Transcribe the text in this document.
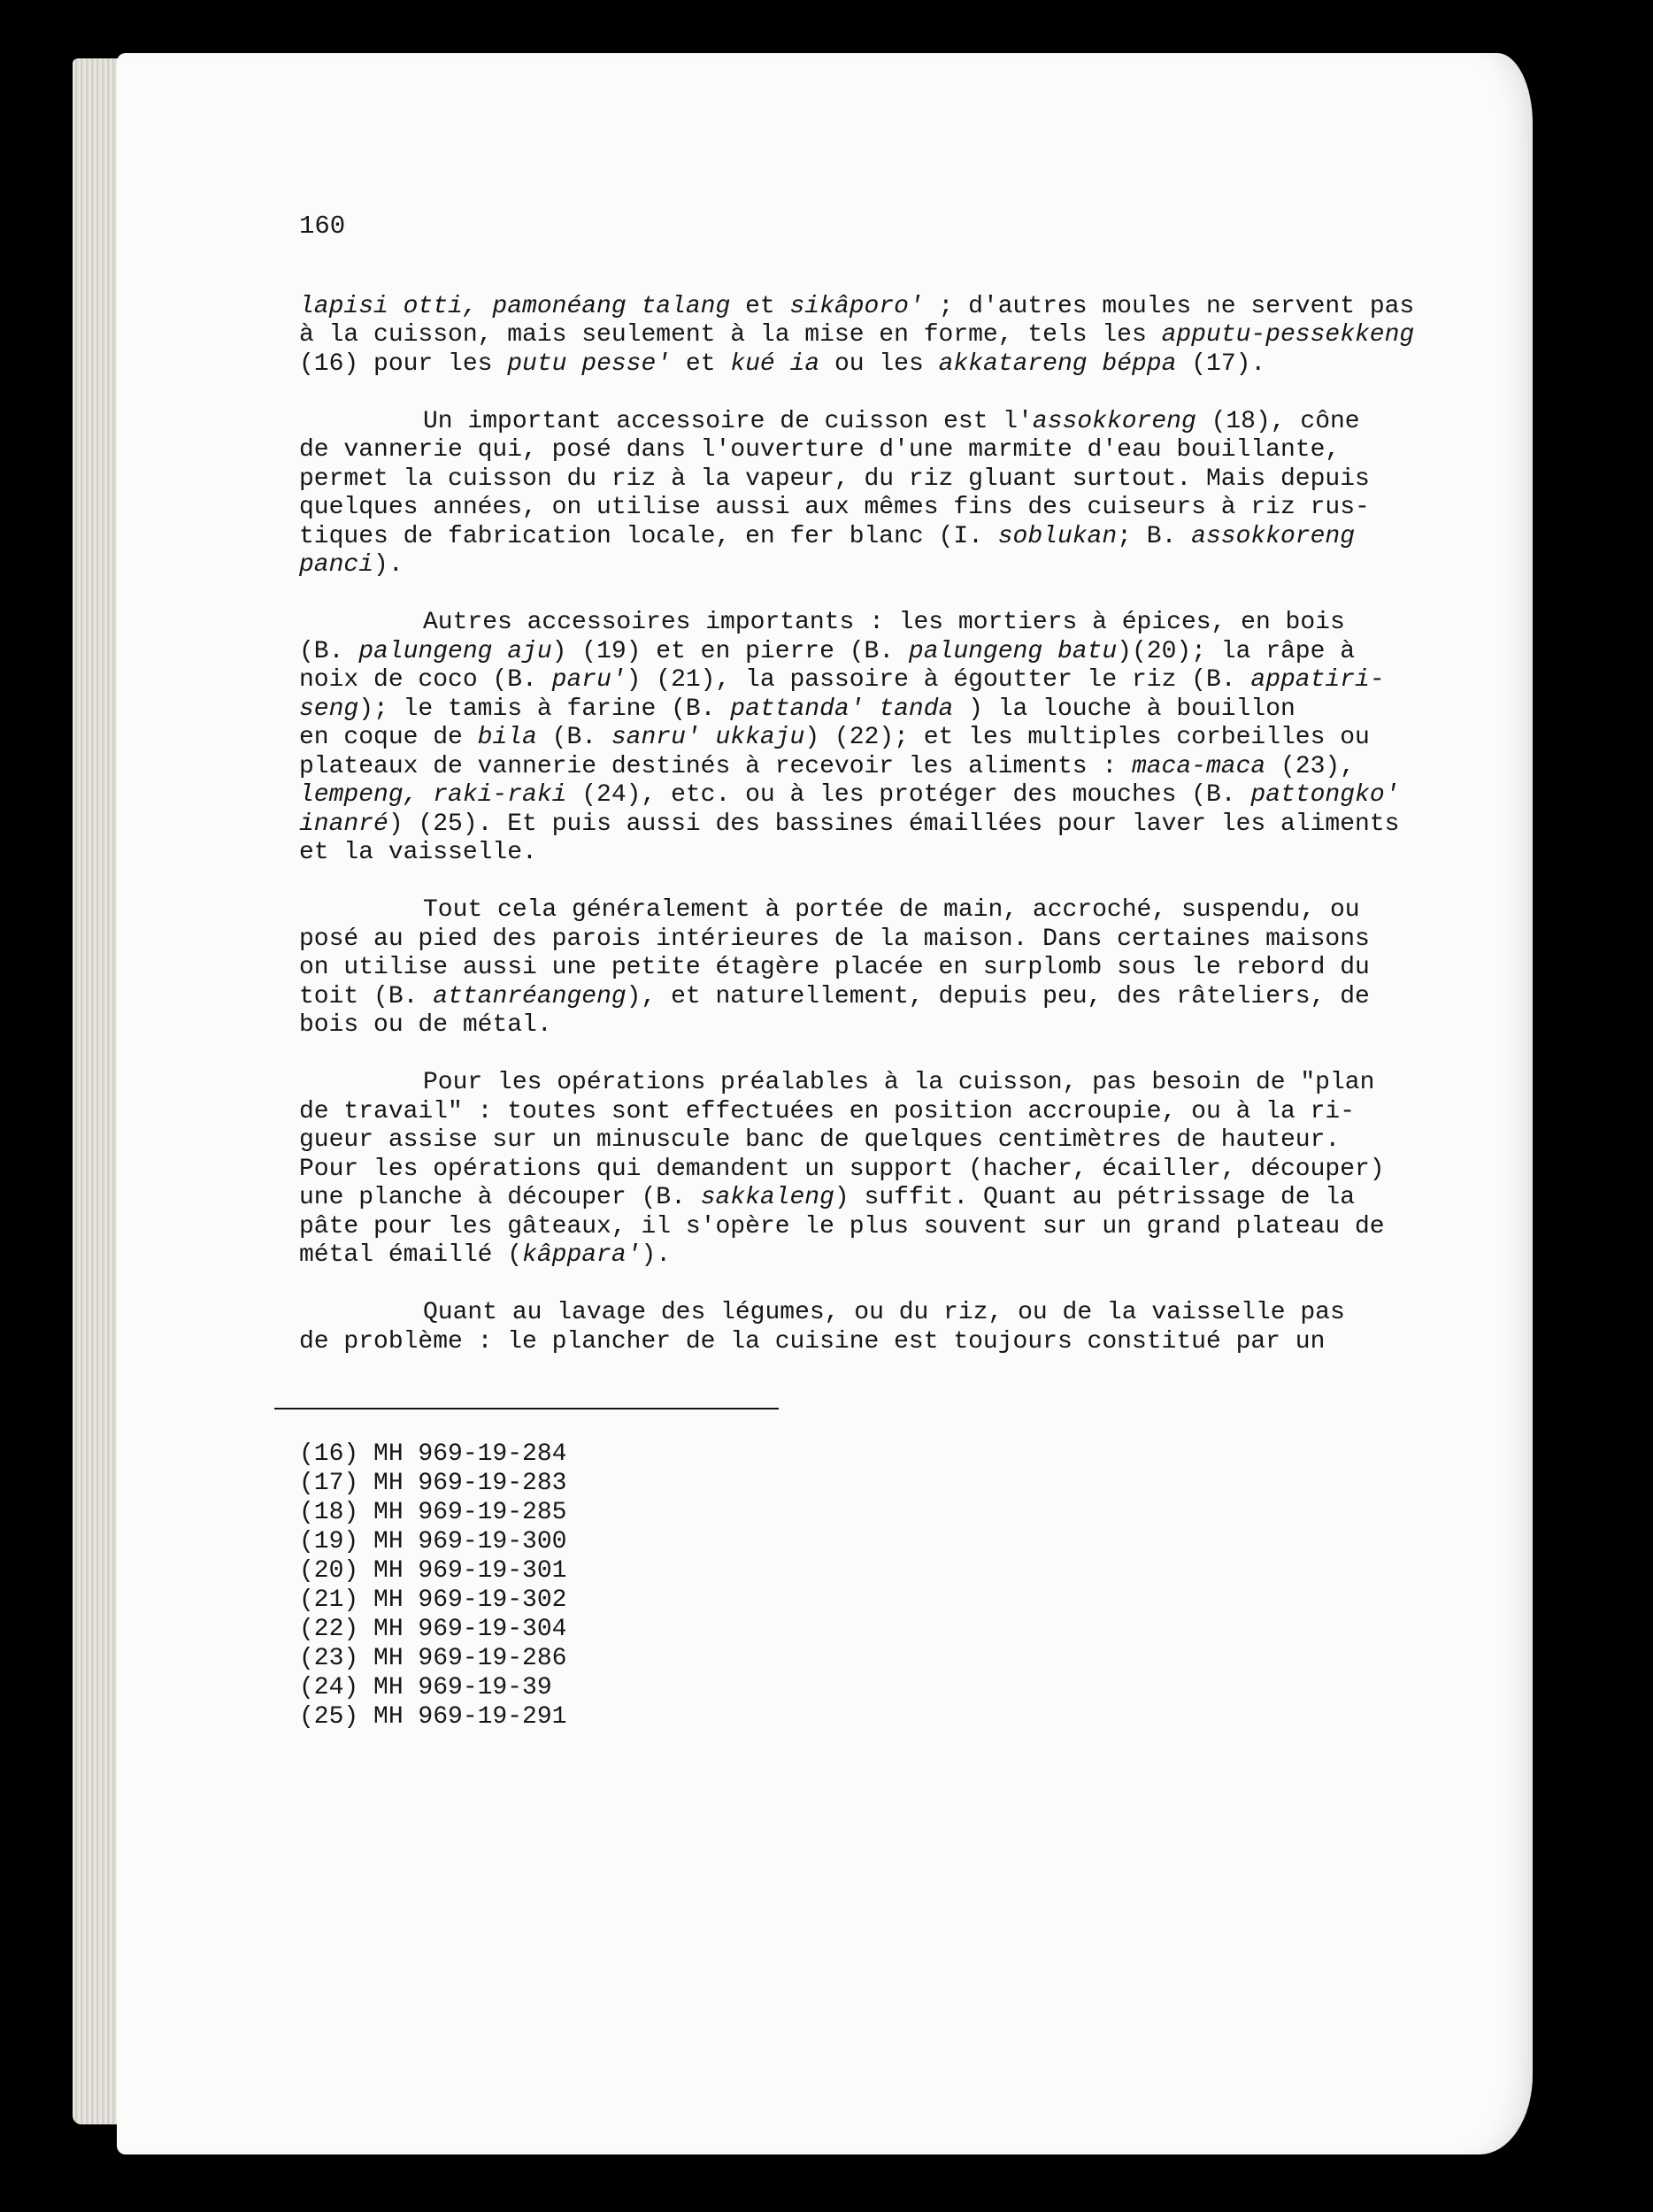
160

lapisi otti, pamonéang talang et sikâporo' ; d'autres moules ne servent pas
à la cuisson, mais seulement à la mise en forme, tels les apputu-pessekkeng
(16) pour les putu pesse' et kué ia ou les akkatareng béppa (17).

Un important accessoire de cuisson est l'assokkoreng (18), cône
de vannerie qui, posé dans l'ouverture d'une marmite d'eau bouillante,
permet la cuisson du riz à la vapeur, du riz gluant surtout. Mais depuis
quelques années, on utilise aussi aux mêmes fins des cuiseurs à riz rus-
tiques de fabrication locale, en fer blanc (I. soblukan; B. assokkoreng
panci).

Autres accessoires importants : les mortiers à épices, en bois
(B. palungeng aju) (19) et en pierre (B. palungeng batu)(20); la râpe à
noix de coco (B. paru') (21), la passoire à égoutter le riz (B. appatiri-
seng); le tamis à farine (B. pattanda' tanda ) la louche à bouillon
en coque de bila (B. sanru' ukkaju) (22); et les multiples corbeilles ou
plateaux de vannerie destinés à recevoir les aliments : maca-maca (23),
lempeng, raki-raki (24), etc. ou à les protéger des mouches (B. pattongko'
inanré) (25). Et puis aussi des bassines émaillées pour laver les aliments
et la vaisselle.

Tout cela généralement à portée de main, accroché, suspendu, ou
posé au pied des parois intérieures de la maison. Dans certaines maisons
on utilise aussi une petite étagère placée en surplomb sous le rebord du
toit (B. attanréangeng), et naturellement, depuis peu, des râteliers, de
bois ou de métal.

Pour les opérations préalables à la cuisson, pas besoin de "plan
de travail" : toutes sont effectuées en position accroupie, ou à la ri-
gueur assise sur un minuscule banc de quelques centimètres de hauteur.
Pour les opérations qui demandent un support (hacher, écailler, découper)
une planche à découper (B. sakkaleng) suffit. Quant au pétrissage de la
pâte pour les gâteaux, il s'opère le plus souvent sur un grand plateau de
métal émaillé (kâppara').

Quant au lavage des légumes, ou du riz, ou de la vaisselle pas
de problème : le plancher de la cuisine est toujours constitué par un

(16) MH 969-19-284
(17) MH 969-19-283
(18) MH 969-19-285
(19) MH 969-19-300
(20) MH 969-19-301
(21) MH 969-19-302
(22) MH 969-19-304
(23) MH 969-19-286
(24) MH 969-19-39
(25) MH 969-19-291
